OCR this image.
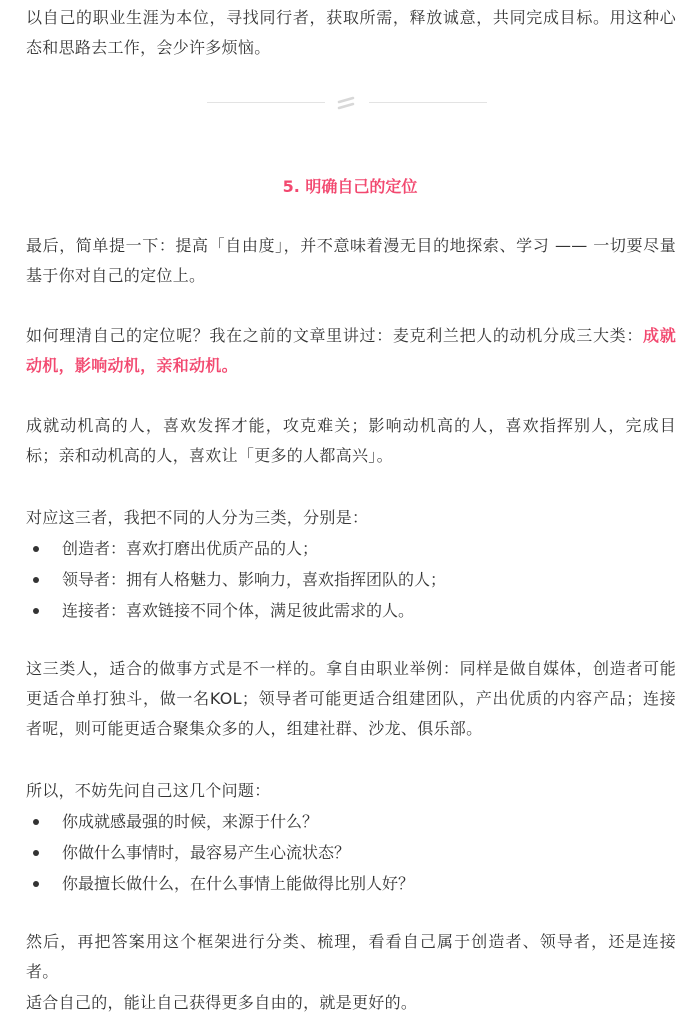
以自己的职业生涯为本位，寻找同行者，获取所需，释放诚意，共同完成目标。用这种心态和思路去工作，会少许多烦恼。

5. 明确自己的定位

最后，简单提一下：提高「自由度」，并不意味着漫无目的地探索、学习 —— 一切要尽量基于你对自己的定位上。

如何理清自己的定位呢？我在之前的文章里讲过：麦克利兰把人的动机分成三大类：成就动机，影响动机，亲和动机。

成就动机高的人，喜欢发挥才能，攻克难关；影响动机高的人，喜欢指挥别人，完成目标；亲和动机高的人，喜欢让「更多的人都高兴」。

对应这三者，我把不同的人分为三类，分别是：

创造者：喜欢打磨出优质产品的人；
领导者：拥有人格魅力、影响力，喜欢指挥团队的人；
连接者：喜欢链接不同个体，满足彼此需求的人。

这三类人，适合的做事方式是不一样的。拿自由职业举例：同样是做自媒体，创造者可能更适合单打独斗，做一名KOL；领导者可能更适合组建团队，产出优质的内容产品；连接者呢，则可能更适合聚集众多的人，组建社群、沙龙、俱乐部。

所以，不妨先问自己这几个问题：

你成就感最强的时候，来源于什么？
你做什么事情时，最容易产生心流状态？
你最擅长做什么，在什么事情上能做得比别人好？

然后，再把答案用这个框架进行分类、梳理，看看自己属于创造者、领导者，还是连接者。

适合自己的，能让自己获得更多自由的，就是更好的。
